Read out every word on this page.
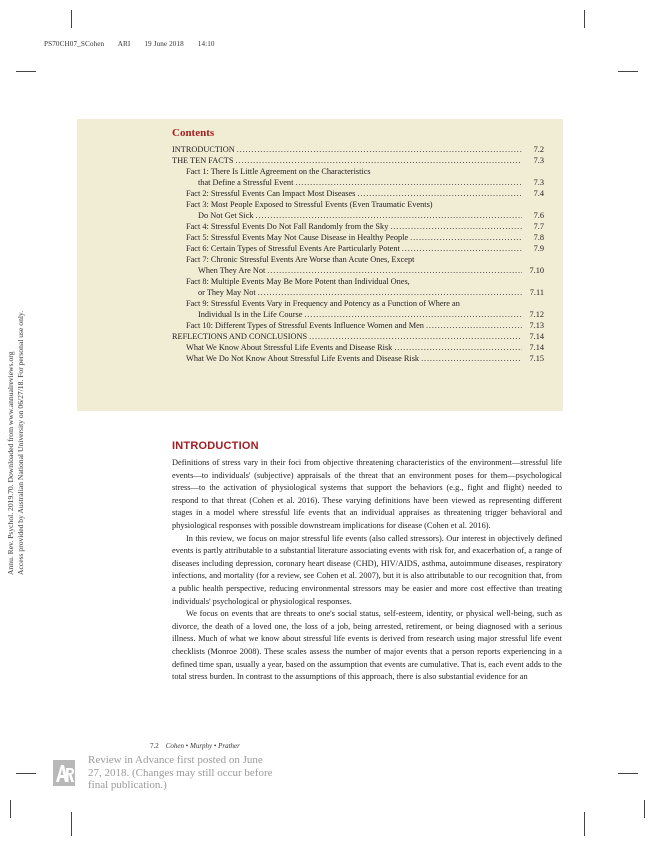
PS70CH07_SCohen ARI 19 June 2018 14:10
Annu. Rev. Psychol. 2019.70. Downloaded from www.annualreviews.org Access provided by Australian National University on 06/27/18. For personal use only.
Contents
INTRODUCTION . . .	7.2
THE TEN FACTS . . .	7.3
Fact 1: There Is Little Agreement on the Characteristics
that Define a Stressful Event . . .	7.3
Fact 2: Stressful Events Can Impact Most Diseases . . .	7.4
Fact 3: Most People Exposed to Stressful Events (Even Traumatic Events)
Do Not Get Sick . . .	7.6
Fact 4: Stressful Events Do Not Fall Randomly from the Sky . . .	7.7
Fact 5: Stressful Events May Not Cause Disease in Healthy People . . .	7.8
Fact 6: Certain Types of Stressful Events Are Particularly Potent . . .	7.9
Fact 7: Chronic Stressful Events Are Worse than Acute Ones, Except
When They Are Not . . .	7.10
Fact 8: Multiple Events May Be More Potent than Individual Ones,
or They May Not . . .	7.11
Fact 9: Stressful Events Vary in Frequency and Potency as a Function of Where an
Individual Is in the Life Course . . .	7.12
Fact 10: Different Types of Stressful Events Influence Women and Men . . .	7.13
REFLECTIONS AND CONCLUSIONS . . .	7.14
What We Know About Stressful Life Events and Disease Risk . . .	7.14
What We Do Not Know About Stressful Life Events and Disease Risk . . .	7.15
INTRODUCTION

Definitions of stress vary in their foci from objective threatening characteristics of the environment—stressful life events—to individuals' (subjective) appraisals of the threat that an environment poses for them—psychological stress—to the activation of physiological systems that support the behaviors (e.g., fight and flight) needed to respond to that threat (Cohen et al. 2016). These varying definitions have been viewed as representing different stages in a model where stressful life events that an individual appraises as threatening trigger behavioral and physiological responses with possible downstream implications for disease (Cohen et al. 2016).

In this review, we focus on major stressful life events (also called stressors). Our interest in objectively defined events is partly attributable to a substantial literature associating events with risk for, and exacerbation of, a range of diseases including depression, coronary heart disease (CHD), HIV/AIDS, asthma, autoimmune diseases, respiratory infections, and mortality (for a review, see Cohen et al. 2007), but it is also attributable to our recognition that, from a public health perspective, reducing environmental stressors may be easier and more cost effective than treating individuals' psychological or physiological responses.

We focus on events that are threats to one's social status, self-esteem, identity, or physical well-being, such as divorce, the death of a loved one, the loss of a job, being arrested, retirement, or being diagnosed with a serious illness. Much of what we know about stressful life events is derived from research using major stressful life event checklists (Monroe 2008). These scales assess the number of major events that a person reports experiencing in a defined time span, usually a year, based on the assumption that events are cumulative. That is, each event adds to the total stress burden. In contrast to the assumptions of this approach, there is also substantial evidence for an

7.2 Cohen • Murphy • Prather
Review in Advance first posted on June 27, 2018. (Changes may still occur before final publication.)
